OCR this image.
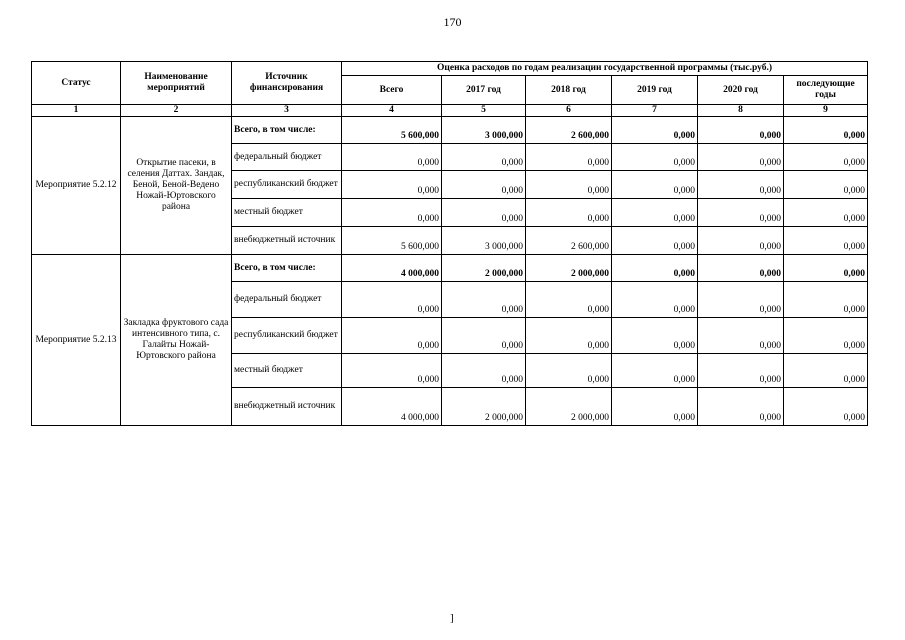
170
Статус	Наименование мероприятий	Источник финансирования	Оценка расходов по годам реализации государственной программы (тыс.руб.)					
			Всего	2017 год	2018 год	2019 год	2020 год	последующие годы
1	2	3	4	5	6	7	8	9
Мероприятие 5.2.12	Открытие пасеки, в селения Даттах. Зандак, Беной, Беной-Ведено Ножай-Юртовского района	Всего, в том числе:	5 600,000	3 000,000	2 600,000	0,000	0,000	0,000
		федеральный бюджет	0,000	0,000	0,000	0,000	0,000	0,000
		республиканский бюджет	0,000	0,000	0,000	0,000	0,000	0,000
		местный бюджет	0,000	0,000	0,000	0,000	0,000	0,000
		внебюджетный источник	5 600,000	3 000,000	2 600,000	0,000	0,000	0,000
Мероприятие 5.2.13	Закладка фруктового сада интенсивного типа, с. Галайты Ножай-Юртовского района	Всего, в том числе:	4 000,000	2 000,000	2 000,000	0,000	0,000	0,000
		федеральный бюджет	0,000	0,000	0,000	0,000	0,000	0,000
		республиканский бюджет	0,000	0,000	0,000	0,000	0,000	0,000
		местный бюджет	0,000	0,000	0,000	0,000	0,000	0,000
		внебюджетный источник	4 000,000	2 000,000	2 000,000	0,000	0,000	0,000
]
